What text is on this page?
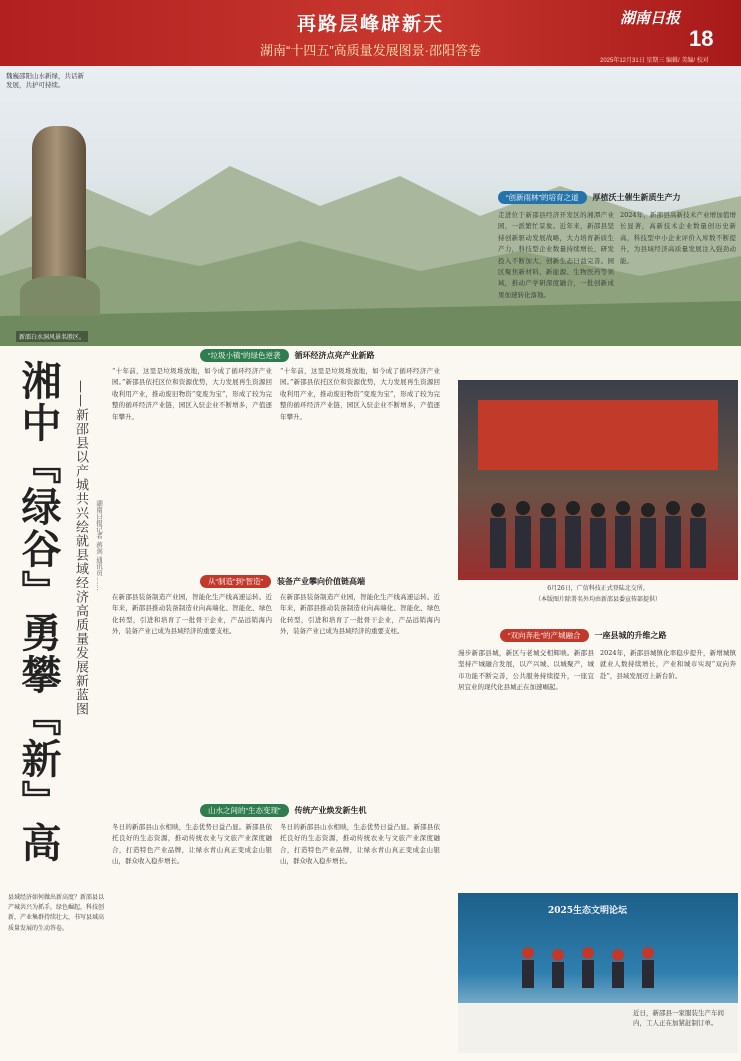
再路层峰辟新天
湖南“十四五”高质量发展图景·邵阳答卷
湖南日报
18
2025年12月31日 星期三 编辑/ 美编/ 校对
魏巍邵阳山水新绿，共话新发展，共护可持续。
新邵白水洞风景名胜区。
“创新雨林”的培育之道	厚植沃土催生新质生产力
走进位于新邵县经济开发区的湘潭产业园，一派繁忙景象。近年来，新邵县坚持创新驱动发展战略，大力培育新质生产力，科技型企业数量持续增长，研发投入不断加大，创新生态日益完善。园区聚焦新材料、新能源、生物医药等领域，推动产学研深度融合，一批创新成果加速转化落地。
2024年，新邵县高新技术产业增加值增长显著，高新技术企业数量创历史新高，科技型中小企业评价入库数不断提升，为县域经济高质量发展注入强劲动能。
湘中『绿谷』勇攀『新』高 ——新邵县以产城共兴绘就县域经济高质量发展新蓝图	湖南日报记者 蒋剑 通讯员 ……
县域经济如何做出新高度？新邵县以产城共兴为抓手，绿色崛起，科技创新，产业集群持续壮大，书写县域高质量发展的生动答卷。
“垃圾小镇”的绿色逆袭	循环经济点亮产业新路
“十年前，这里是垃圾堆放地，如今成了循环经济产业园。”新邵县依托区位和资源优势，大力发展再生资源回收利用产业，推动废旧物资“变废为宝”，形成了较为完整的循环经济产业链，园区入驻企业不断增多，产值逐年攀升。
“十年前，这里是垃圾堆放地，如今成了循环经济产业园。”新邵县依托区位和资源优势，大力发展再生资源回收利用产业，推动废旧物资“变废为宝”，形成了较为完整的循环经济产业链，园区入驻企业不断增多，产值逐年攀升。
6月26日，广信科技正式登陆北交所。
（本版图片除署名外均由新邵县委宣传部提供）
从“制造”到“智造”	装备产业攀向价值链高端
在新邵县装备制造产业园，智能化生产线高速运转。近年来，新邵县推动装备制造业向高端化、智能化、绿色化转型，引进和培育了一批骨干企业，产品远销海内外，装备产业已成为县域经济的重要支柱。
在新邵县装备制造产业园，智能化生产线高速运转。近年来，新邵县推动装备制造业向高端化、智能化、绿色化转型，引进和培育了一批骨干企业，产品远销海内外，装备产业已成为县域经济的重要支柱。	“双向奔赴”的产城融合	一座县城的升维之路
漫步新邵县城，新区与老城交相辉映。新邵县坚持产城融合发展，以产兴城、以城聚产，城市功能不断完善，公共服务持续提升，一座宜居宜业的现代化县城正在加速崛起。
2024年，新邵县城镇化率稳步提升，新增城镇就业人数持续增长，产业和城市实现“双向奔赴”，县域发展迈上新台阶。
山水之间的“生态变现”	传统产业焕发新生机
冬日的新邵县山水相映，生态优势日益凸显。新邵县依托良好的生态资源，推动传统农业与文旅产业深度融合，打造特色产业品牌，让绿水青山真正变成金山银山，群众收入稳步增长。
冬日的新邵县山水相映，生态优势日益凸显。新邵县依托良好的生态资源，推动传统农业与文旅产业深度融合，打造特色产业品牌，让绿水青山真正变成金山银山，群众收入稳步增长。
2025生态文明论坛
近日，新邵县一家服装生产车间内，工人正在加紧赶制订单。
